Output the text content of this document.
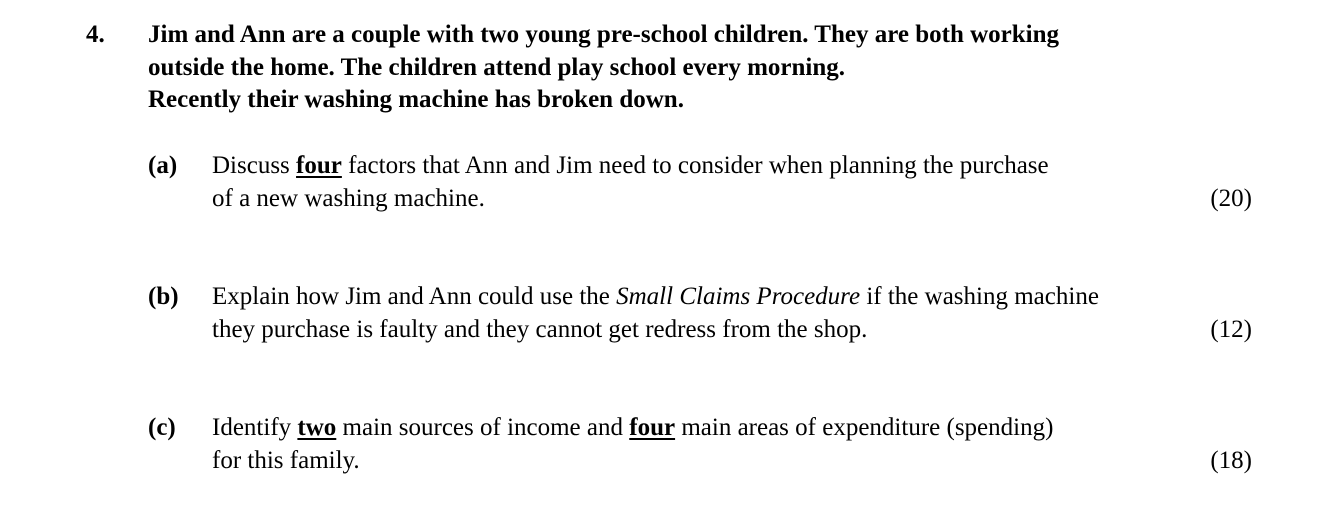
4. Jim and Ann are a couple with two young pre-school children. They are both working
outside the home. The children attend play school every morning.
Recently their washing machine has broken down.
(a) Discuss four factors that Ann and Jim need to consider when planning the purchase
of a new washing machine.	(20)
(b) Explain how Jim and Ann could use the Small Claims Procedure if the washing machine
they purchase is faulty and they cannot get redress from the shop.	(12)
(c) Identify two main sources of income and four main areas of expenditure (spending)
for this family.	(18)
